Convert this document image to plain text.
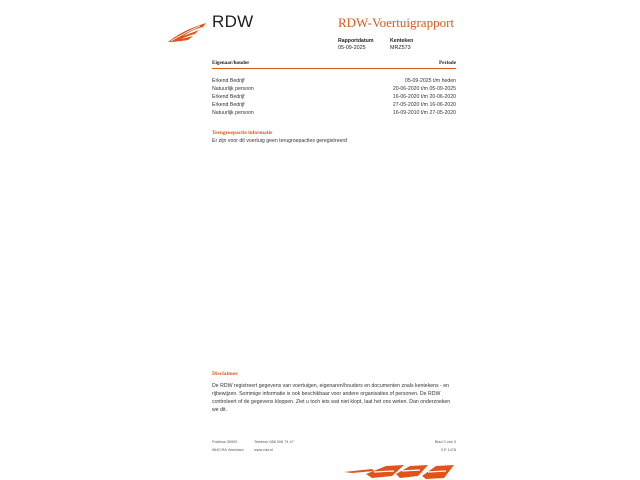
RDW	RDW-Voertuigrapport
Rapportdatum
05-09-2025
Kenteken
MRZ573
Eigenaar/houder	Periode
Erkend Bedrijf	05-09-2025 t/m heden
Natuurlijk persoon	20-06-2020 t/m 05-09-2025
Erkend Bedrijf	16-06-2020 t/m 20-06-2020
Erkend Bedrijf	27-05-2020 t/m 16-06-2020
Natuurlijk persoon	16-09-2010 t/m 27-05-2020
Terugroepactie informatie
Er zijn voor dit voertuig geen terugroepacties geregistreerd
Disclaimer
De RDW registreert gegevens van voertuigen, eigenaren/houders en documenten zoals kentekens - en rijbewijzen. Sommige informatie is ook beschikbaar voor andere organisaties of personen. De RDW controleert of de gegevens kloppen. Ziet u toch iets wat niet klopt, laat het ons weten. Dan onderzoeken we dit.
Postbus 30000
9640 RA Veendam
Telefoon 088 008 74 47
www.rdw.nl
Blad 3 van 3
3 E 1478
